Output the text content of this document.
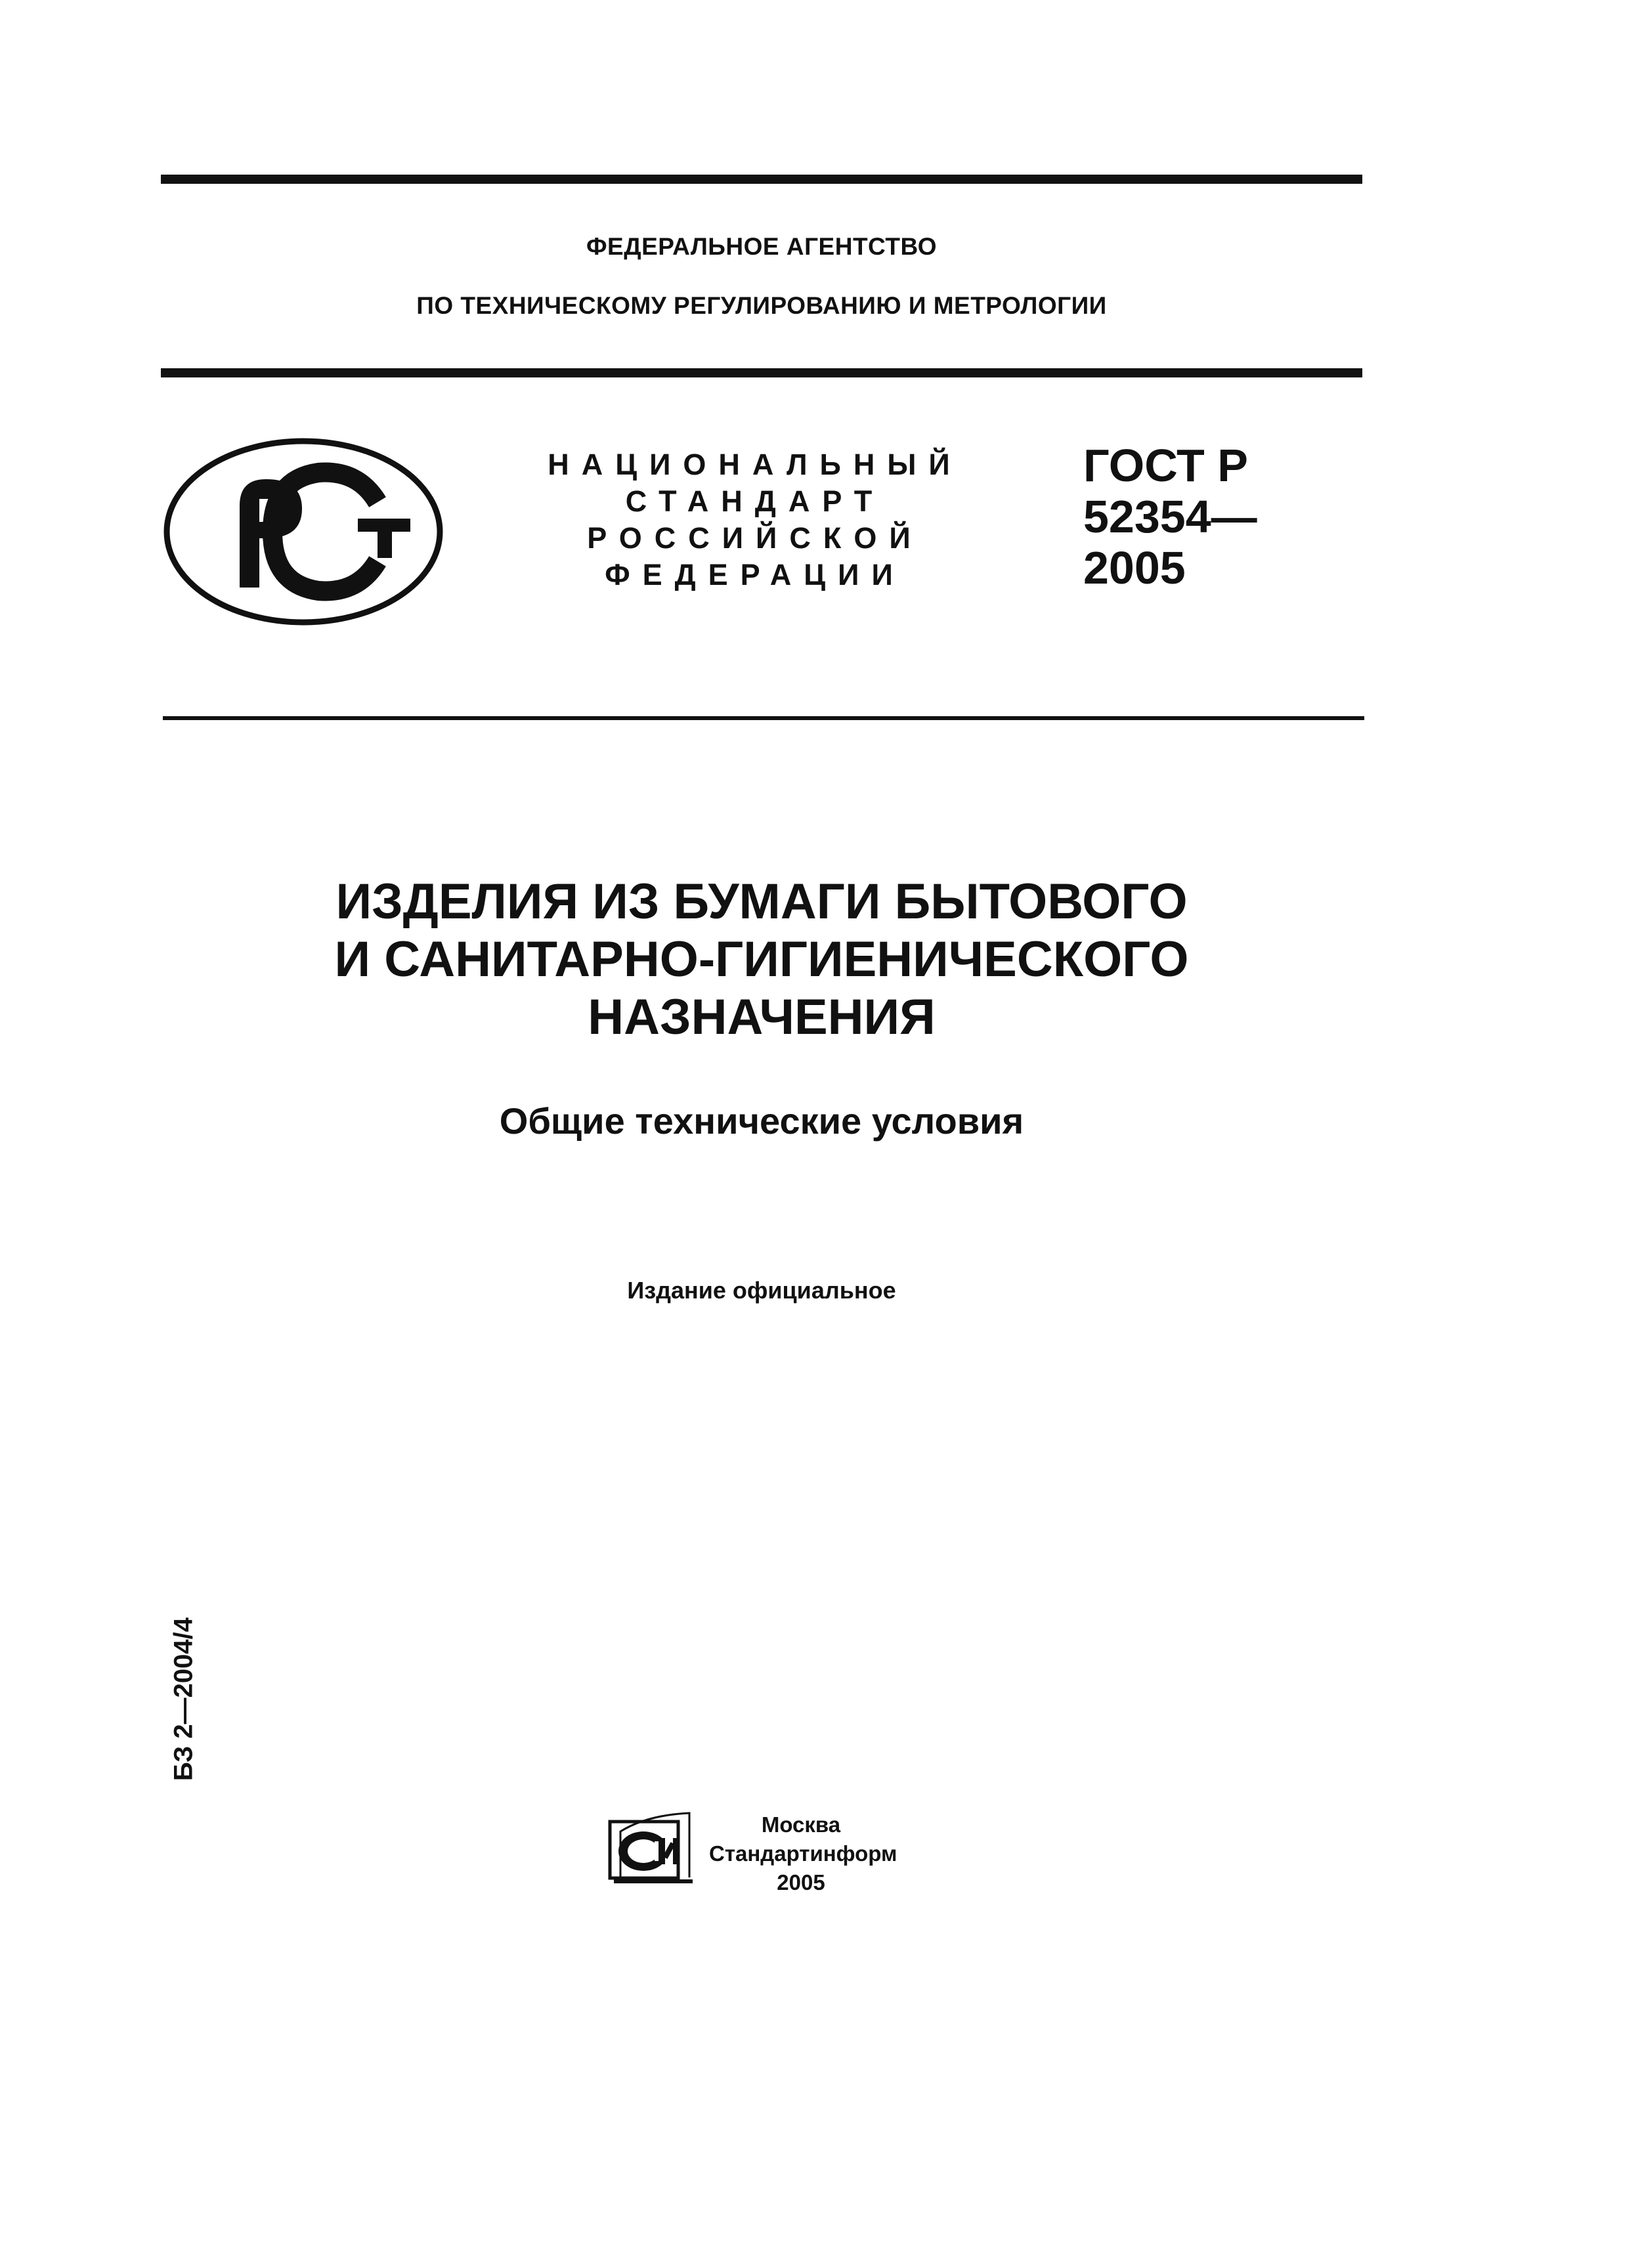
ФЕДЕРАЛЬНОЕ АГЕНТСТВО
ПО ТЕХНИЧЕСКОМУ РЕГУЛИРОВАНИЮ И МЕТРОЛОГИИ
НАЦИОНАЛЬНЫЙ
СТАНДАРТ
РОССИЙСКОЙ
ФЕДЕРАЦИИ
ГОСТ Р
52354—
2005
ИЗДЕЛИЯ ИЗ БУМАГИ БЫТОВОГО
И САНИТАРНО-ГИГИЕНИЧЕСКОГО
НАЗНАЧЕНИЯ
Общие технические условия
Издание официальное
БЗ 2—2004/4
Москва
Стандартинформ
2005
